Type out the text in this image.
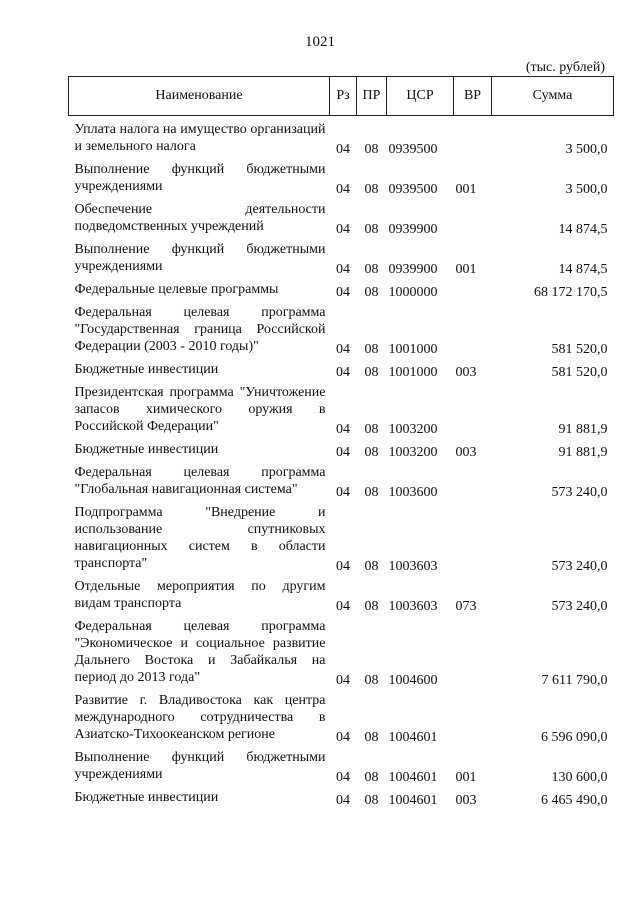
1021
(тыс. рублей)
Наименование	Рз	ПР	ЦСР	ВР	Сумма
Уплата налога на имущество организаций и земельного налога	04	08	0939500		3 500,0
Выполнение функций бюджетными учреждениями	04	08	0939500	001	3 500,0
Обеспечение деятельности подведомственных учреждений	04	08	0939900		14 874,5
Выполнение функций бюджетными учреждениями	04	08	0939900	001	14 874,5
Федеральные целевые программы	04	08	1000000		68 172 170,5
Федеральная целевая программа "Государственная граница Российской Федерации (2003 - 2010 годы)"	04	08	1001000		581 520,0
Бюджетные инвестиции	04	08	1001000	003	581 520,0
Президентская программа "Уничтожение запасов химического оружия в Российской Федерации"	04	08	1003200		91 881,9
Бюджетные инвестиции	04	08	1003200	003	91 881,9
Федеральная целевая программа "Глобальная навигационная система"	04	08	1003600		573 240,0
Подпрограмма "Внедрение и использование спутниковых навигационных систем в области транспорта"	04	08	1003603		573 240,0
Отдельные мероприятия по другим видам транспорта	04	08	1003603	073	573 240,0
Федеральная целевая программа "Экономическое и социальное развитие Дальнего Востока и Забайкалья на период до 2013 года"	04	08	1004600		7 611 790,0
Развитие г. Владивостока как центра международного сотрудничества в Азиатско-Тихоокеанском регионе	04	08	1004601		6 596 090,0
Выполнение функций бюджетными учреждениями	04	08	1004601	001	130 600,0
Бюджетные инвестиции	04	08	1004601	003	6 465 490,0
